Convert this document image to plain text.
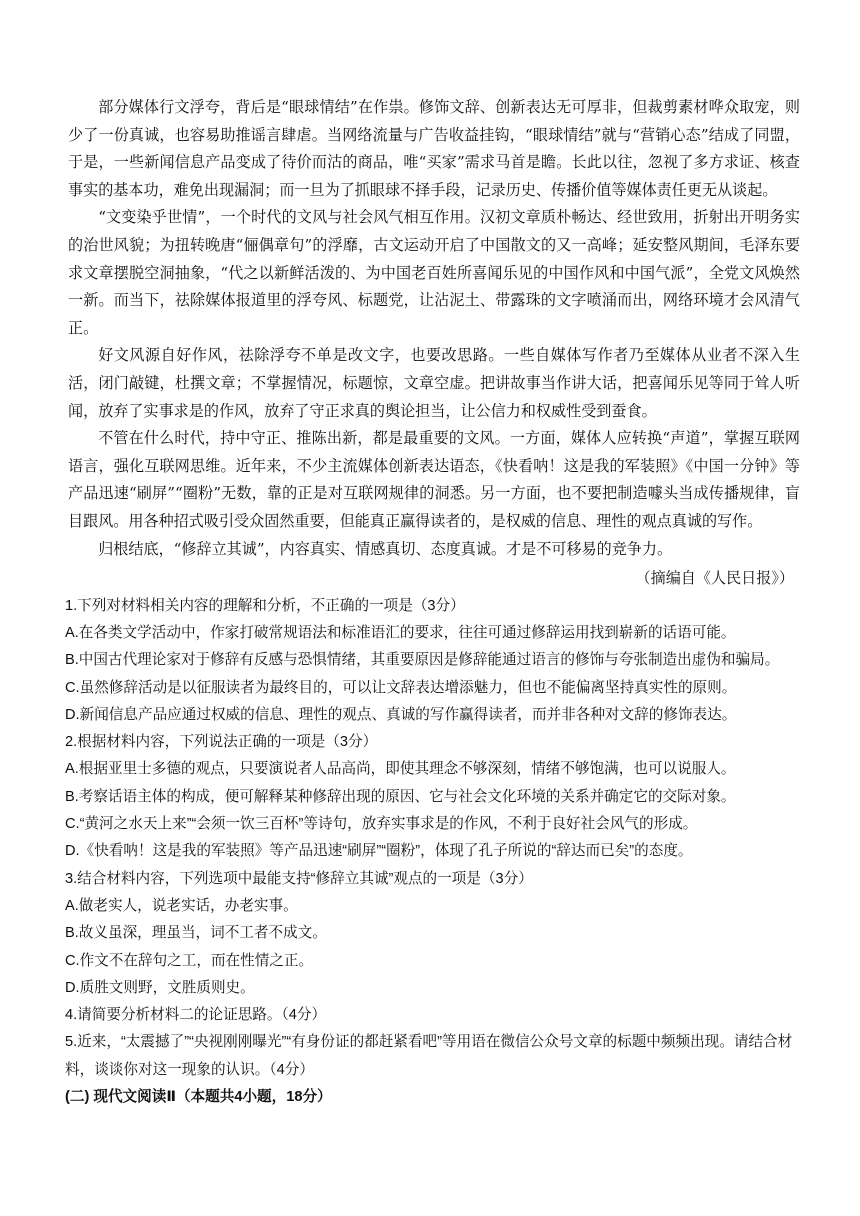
部分媒体行文浮夸，背后是“眼球情结”在作祟。修饰文辞、创新表达无可厚非，但裁剪素材哗众取宠，则少了一份真诚，也容易助推谣言肆虐。当网络流量与广告收益挂钩，“眼球情结”就与“营销心态”结成了同盟，于是，一些新闻信息产品变成了待价而沽的商品，唯“买家”需求马首是瞻。长此以往，忽视了多方求证、核查事实的基本功，难免出现漏洞；而一旦为了抓眼球不择手段，记录历史、传播价值等媒体责任更无从谈起。

“文变染乎世情”，一个时代的文风与社会风气相互作用。汉初文章质朴畅达、经世致用，折射出开明务实的治世风貌；为扭转晚唐“俪偶章句”的浮靡，古文运动开启了中国散文的又一高峰；延安整风期间，毛泽东要求文章摆脱空洞抽象，“代之以新鲜活泼的、为中国老百姓所喜闻乐见的中国作风和中国气派”，全党文风焕然一新。而当下，祛除媒体报道里的浮夸风、标题党，让沾泥土、带露珠的文字喷涌而出，网络环境才会风清气正。

好文风源自好作风，祛除浮夸不单是改文字，也要改思路。一些自媒体写作者乃至媒体从业者不深入生活，闭门敲键，杜撰文章；不掌握情况，标题惊，文章空虚。把讲故事当作讲大话，把喜闻乐见等同于耸人听闻，放弃了实事求是的作风，放弃了守正求真的舆论担当，让公信力和权威性受到蚕食。

不管在什么时代，持中守正、推陈出新，都是最重要的文风。一方面，媒体人应转换“声道”，掌握互联网语言，强化互联网思维。近年来，不少主流媒体创新表达语态，《快看呐！这是我的军装照》《中国一分钟》等产品迅速“刷屏”“圈粉”无数，靠的正是对互联网规律的洞悉。另一方面，也不要把制造噱头当成传播规律，盲目跟风。用各种招式吸引受众固然重要，但能真正赢得读者的，是权威的信息、理性的观点真诚的写作。

归根结底，“修辞立其诚”，内容真实、情感真切、态度真诚。才是不可移易的竞争力。

（摘编自《人民日报》）

1.下列对材料相关内容的理解和分析，不正确的一项是（3分）

A.在各类文学活动中，作家打破常规语法和标准语汇的要求，往往可通过修辞运用找到崭新的话语可能。

B.中国古代理论家对于修辞有反感与恐惧情绪，其重要原因是修辞能通过语言的修饰与夸张制造出虚伪和骗局。

C.虽然修辞活动是以征服读者为最终目的，可以让文辞表达增添魅力，但也不能偏离坚持真实性的原则。

D.新闻信息产品应通过权威的信息、理性的观点、真诚的写作赢得读者，而并非各种对文辞的修饰表达。

2.根据材料内容，下列说法正确的一项是（3分）

A.根据亚里士多德的观点，只要演说者人品高尚，即使其理念不够深刻，情绪不够饱满，也可以说服人。

B.考察话语主体的构成，便可解释某种修辞出现的原因、它与社会文化环境的关系并确定它的交际对象。

C.“黄河之水天上来”“会须一饮三百杯”等诗句，放弃实事求是的作风，不利于良好社会风气的形成。

D.《快看呐！这是我的军装照》等产品迅速“刷屏”“圈粉”，体现了孔子所说的“辞达而已矣”的态度。

3.结合材料内容，下列选项中最能支持“修辞立其诚”观点的一项是（3分）

A.做老实人，说老实话，办老实事。

B.故义虽深，理虽当，词不工者不成文。

C.作文不在辞句之工，而在性情之正。

D.质胜文则野，文胜质则史。

4.请简要分析材料二的论证思路。（4分）

5.近来，“太震撼了”“央视刚刚曝光”“有身份证的都赶紧看吧”等用语在微信公众号文章的标题中频频出现。请结合材料，谈谈你对这一现象的认识。（4分）

(二) 现代文阅读Ⅱ（本题共4小题，18分）
